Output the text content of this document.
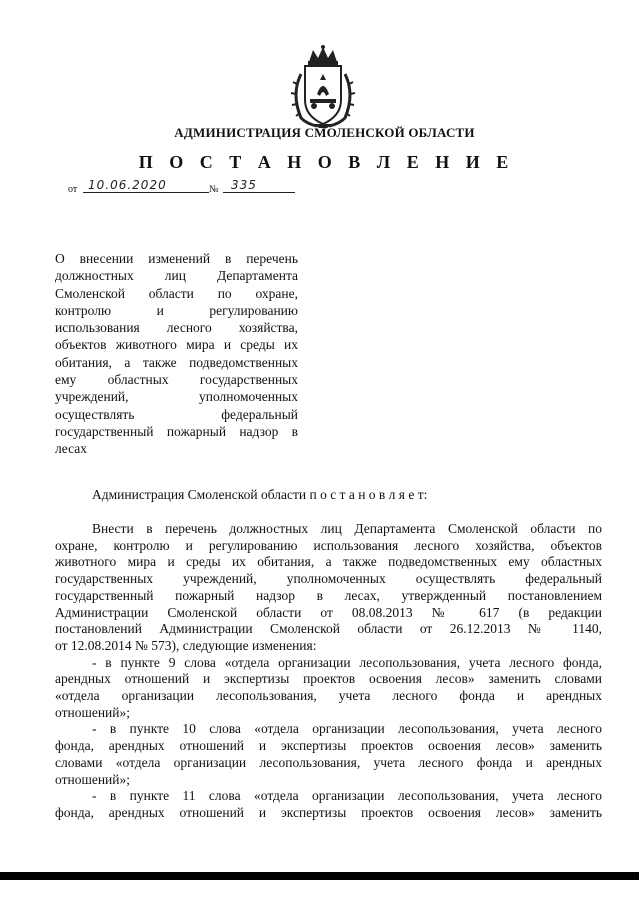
АДМИНИСТРАЦИЯ СМОЛЕНСКОЙ ОБЛАСТИ
П О С Т А Н О В Л Е Н И Е
от 10.06.2020	№ 335
О внесении изменений в перечень
должностных лиц Департамента
Смоленской области по охране,
контролю и регулированию
использования лесного хозяйства,
объектов животного мира и среды их
обитания, а также подведомственных
ему областных государственных
учреждений, уполномоченных
осуществлять федеральный
государственный пожарный надзор в
лесах
Администрация Смоленской области п о с т а н о в л я е т:
Внести в перечень должностных лиц Департамента Смоленской области по
охране, контролю и регулированию использования лесного хозяйства, объектов
животного мира и среды их обитания, а также подведомственных ему областных
государственных учреждений, уполномоченных осуществлять федеральный
государственный пожарный надзор в лесах, утвержденный постановлением
Администрации Смоленской области от 08.08.2013 № 617 (в редакции
постановлений Администрации Смоленской области от 26.12.2013 № 1140,
от 12.08.2014 № 573), следующие изменения:
- в пункте 9 слова «отдела организации лесопользования, учета лесного фонда,
арендных отношений и экспертизы проектов освоения лесов» заменить словами
«отдела организации лесопользования, учета лесного фонда и арендных
отношений»;
- в пункте 10 слова «отдела организации лесопользования, учета лесного
фонда, арендных отношений и экспертизы проектов освоения лесов» заменить
словами «отдела организации лесопользования, учета лесного фонда и арендных
отношений»;
- в пункте 11 слова «отдела организации лесопользования, учета лесного
фонда, арендных отношений и экспертизы проектов освоения лесов» заменить
